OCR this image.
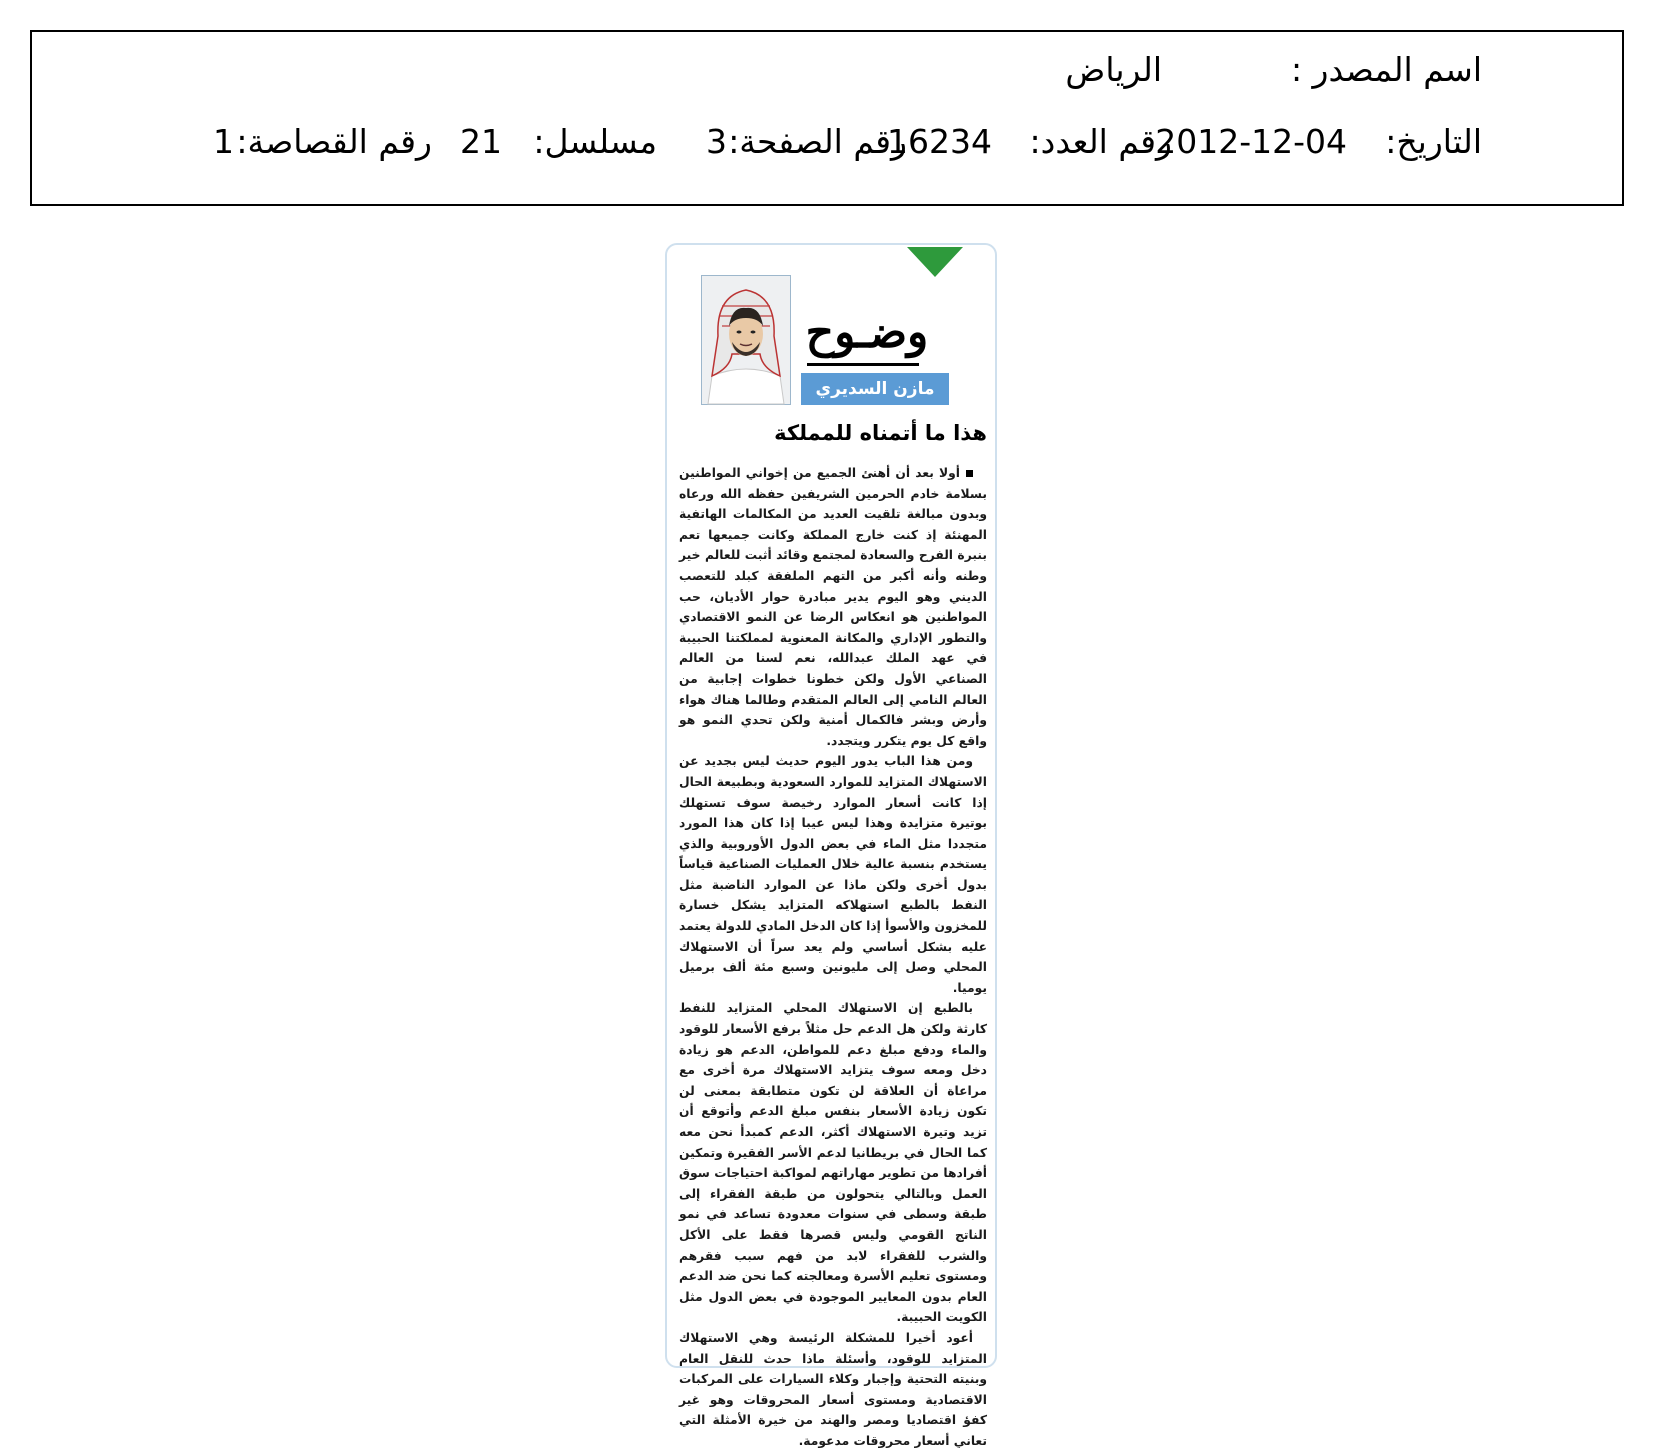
اسم المصدر :
الرياض
التاريخ:
2012-12-04
رقم العدد:
16234
رقم الصفحة:
3
مسلسل:
21
رقم القصاصة:
1
وضـوح
مازن السديري
هذا ما أتمناه للمملكة

أولا بعد أن أهنئ الجميع من إخواني المواطنين بسلامة خادم الحرمين الشريفين حفظه الله ورعاه وبدون مبالغة تلقيت العديد من المكالمات الهاتفية المهنئة إذ كنت خارج المملكة وكانت جميعها تعم بنبرة الفرح والسعادة لمجتمع وقائد أثبت للعالم خير وطنه وأنه أكبر من التهم الملفقة كبلد للتعصب الديني وهو اليوم يدير مبادرة حوار الأديان، حب المواطنين هو انعكاس الرضا عن النمو الاقتصادي والتطور الإداري والمكانة المعنوية لمملكتنا الحبيبة في عهد الملك عبدالله، نعم لسنا من العالم الصناعي الأول ولكن خطونا خطوات إجابية من العالم النامي إلى العالم المتقدم وطالما هناك هواء وأرض وبشر فالكمال أمنية ولكن تحدي النمو هو واقع كل يوم يتكرر ويتجدد.

ومن هذا الباب يدور اليوم حديث ليس بجديد عن الاستهلاك المتزايد للموارد السعودية وبطبيعة الحال إذا كانت أسعار الموارد رخيصة سوف تستهلك بوتيرة متزايدة وهذا ليس عيبا إذا كان هذا المورد متجددا مثل الماء في بعض الدول الأوروبية والذي يستخدم بنسبة عالية خلال العمليات الصناعية قياساً بدول أخرى ولكن ماذا عن الموارد الناضبة مثل النفط بالطبع استهلاكه المتزايد يشكل خسارة للمخزون والأسوأ إذا كان الدخل المادي للدولة يعتمد عليه بشكل أساسي ولم يعد سراً أن الاستهلاك المحلي وصل إلى مليونين وسبع مئة ألف برميل يوميا.

بالطبع إن الاستهلاك المحلي المتزايد للنفط كارثة ولكن هل الدعم حل مثلاً برفع الأسعار للوقود والماء ودفع مبلغ دعم للمواطن، الدعم هو زيادة دخل ومعه سوف يتزايد الاستهلاك مرة أخرى مع مراعاة أن العلاقة لن تكون متطابقة بمعنى لن تكون زيادة الأسعار بنفس مبلغ الدعم وأتوقع أن تزيد وتيرة الاستهلاك أكثر، الدعم كمبدأ نحن معه كما الحال في بريطانيا لدعم الأسر الفقيرة وتمكين أفرادها من تطوير مهاراتهم لمواكبة احتياجات سوق العمل وبالتالي يتحولون من طبقة الفقراء إلى طبقة وسطى في سنوات معدودة تساعد في نمو الناتج القومي وليس قصرها فقط على الأكل والشرب للفقراء لابد من فهم سبب فقرهم ومستوى تعليم الأسرة ومعالجته كما نحن ضد الدعم العام بدون المعايير الموجودة في بعض الدول مثل الكويت الحبيبة.

أعود أخيرا للمشكلة الرئيسة وهي الاستهلاك المتزايد للوقود، وأسئلة ماذا حدث للنقل العام وبنيته التحتية وإجبار وكلاء السيارات على المركبات الاقتصادية ومستوى أسعار المحروقات وهو غير كفؤ اقتصاديا ومصر والهند من خيرة الأمثلة التي تعاني أسعار محروقات مدعومة.
